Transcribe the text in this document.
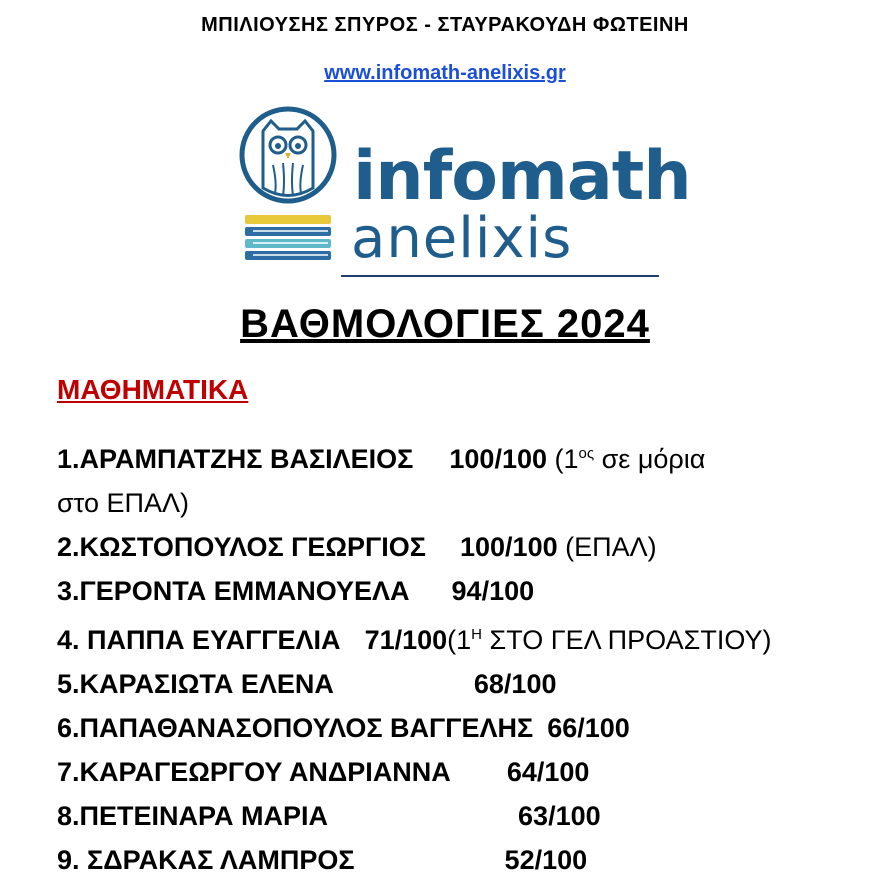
ΜΠΙΛΙΟΥΣΗΣ ΣΠΥΡΟΣ - ΣΤΑΥΡΑΚΟΥΔΗ ΦΩΤΕΙΝΗ
www.infomath-anelixis.gr
infomath
anelixis
ΒΑΘΜΟΛΟΓΙΕΣ 2024
ΜΑΘΗΜΑΤΙΚΑ
1.ΑΡΑΜΠΑΤΖΗΣ ΒΑΣΙΛΕΙΟΣ 100/100 ($1^{o\varsigma}$ σε μόρια
στο ΕΠΑΛ)
2.ΚΩΣΤΟΠΟΥΛΟΣ ΓΕΩΡΓΙΟΣ 100/100 (ΕΠΑΛ)
3.ΓΕΡΟΝΤΑ ΕΜΜΑΝΟΥΕΛΑ 94/100
4. ΠΑΠΠΑ ΕΥΑΓΓΕΛΙΑ $71/100(1^H$ ΣΤΟ ΓΕΛ ΠΡΟΑΣΤΙΟΥ)
5.ΚΑΡΑΣΙΩΤΑ ΕΛΕΝΑ	68/100
6.ΠΑΠΑΘΑΝΑΣΟΠΟΥΛΟΣ ΒΑΓΓΕΛΗΣ 66/100
7.ΚΑΡΑΓΕΩΡΓΟΥ ΑΝΔΡΙΑΝΝΑ 64/100
8.ΠΕΤΕΙΝΑΡΑ ΜΑΡΙΑ	63/100
9. ΣΔΡΑΚΑΣ ΛΑΜΠΡΟΣ	52/100
